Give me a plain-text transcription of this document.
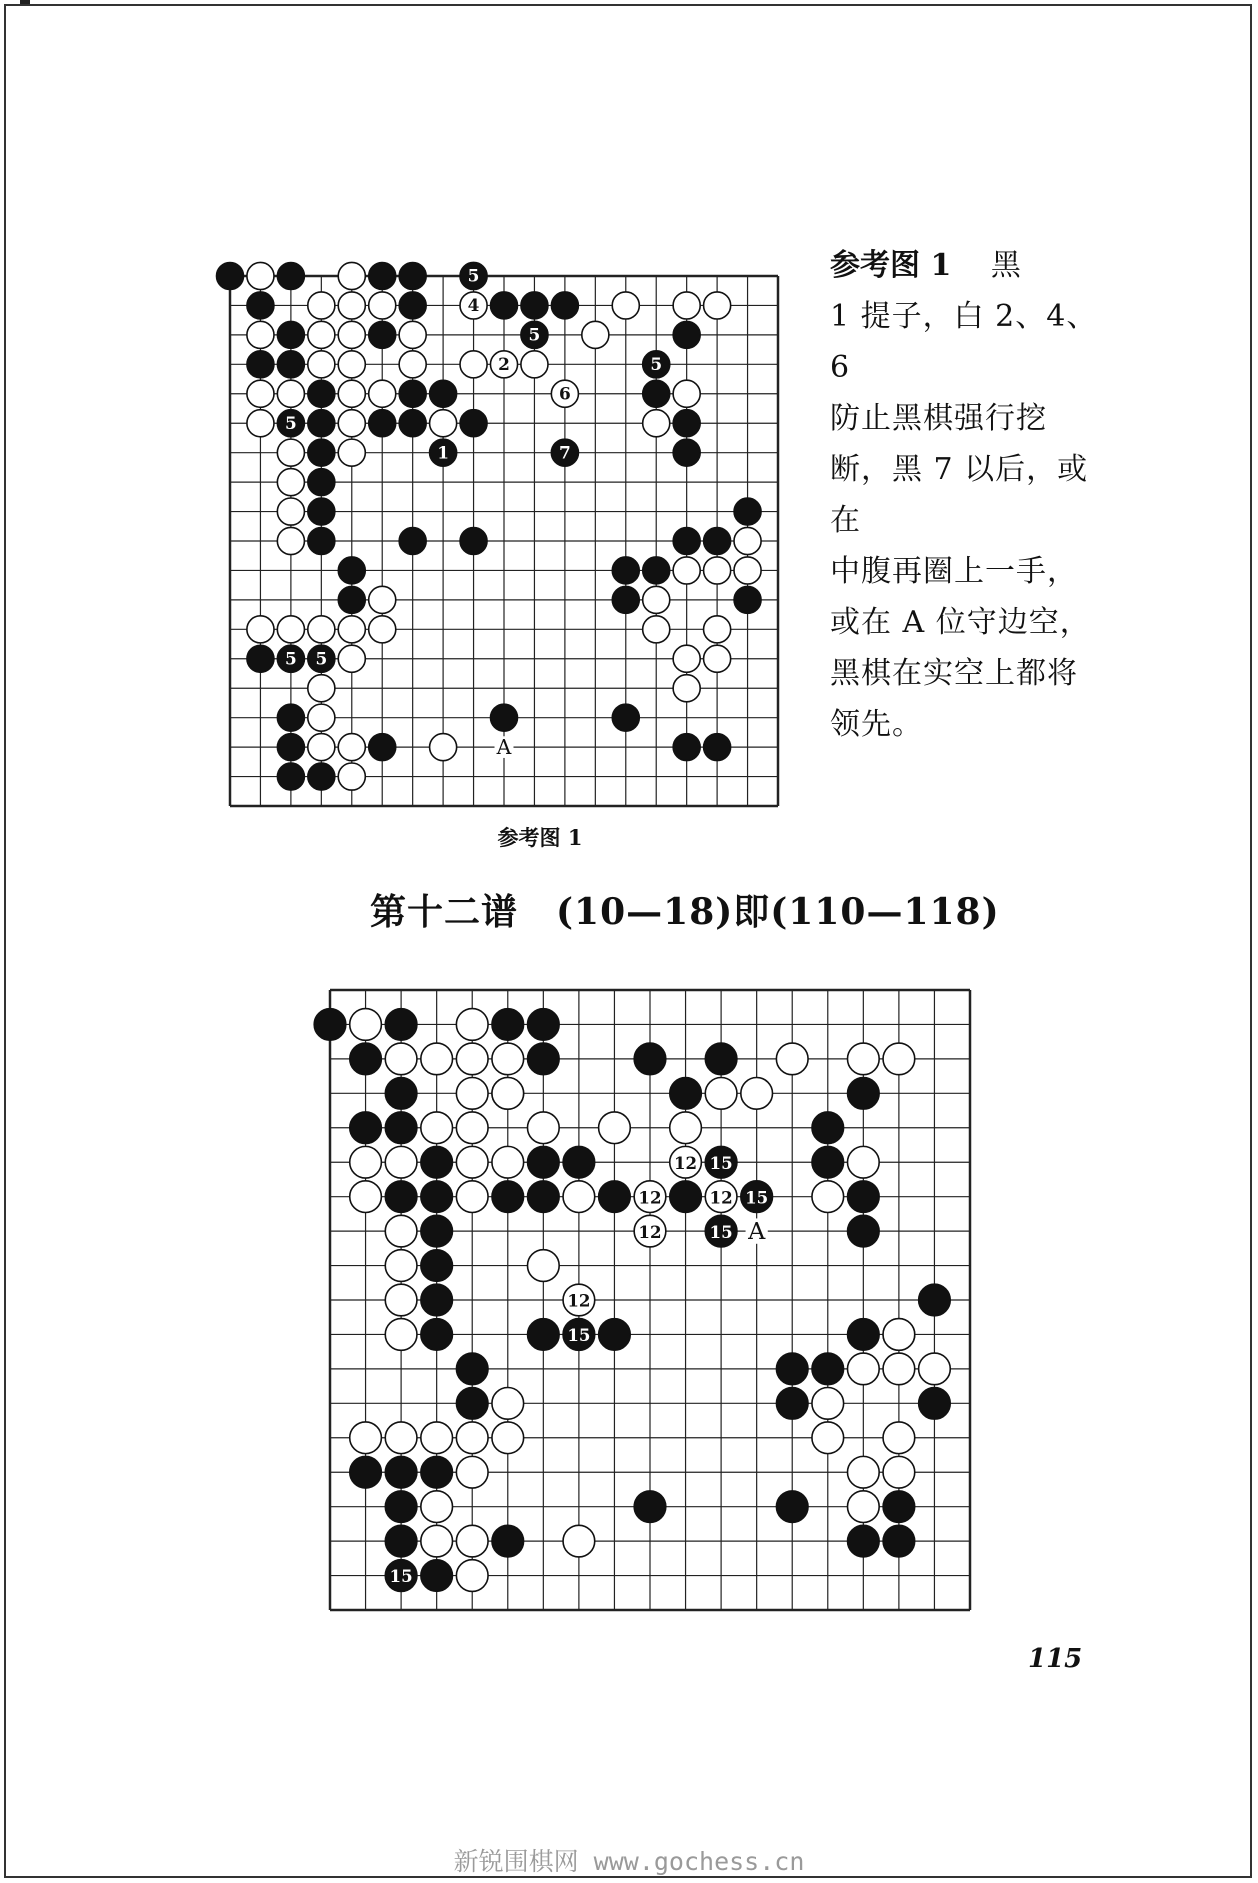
1
2
4
5
5
5
5
5 5
6
7
A
参考图 1 黑
1 提子，白 2、4、6
防止黑棋强行挖
断，黑 7 以后，或在
中腹再圈上一手，
或在 A 位守边空，
黑棋在实空上都将
领先。
参考图 1
第十二谱 (10—18)即(110—118)
12 15
12	12 15
12	15
12
15
15
A
115
新锐围棋网 www.gochess.cn
